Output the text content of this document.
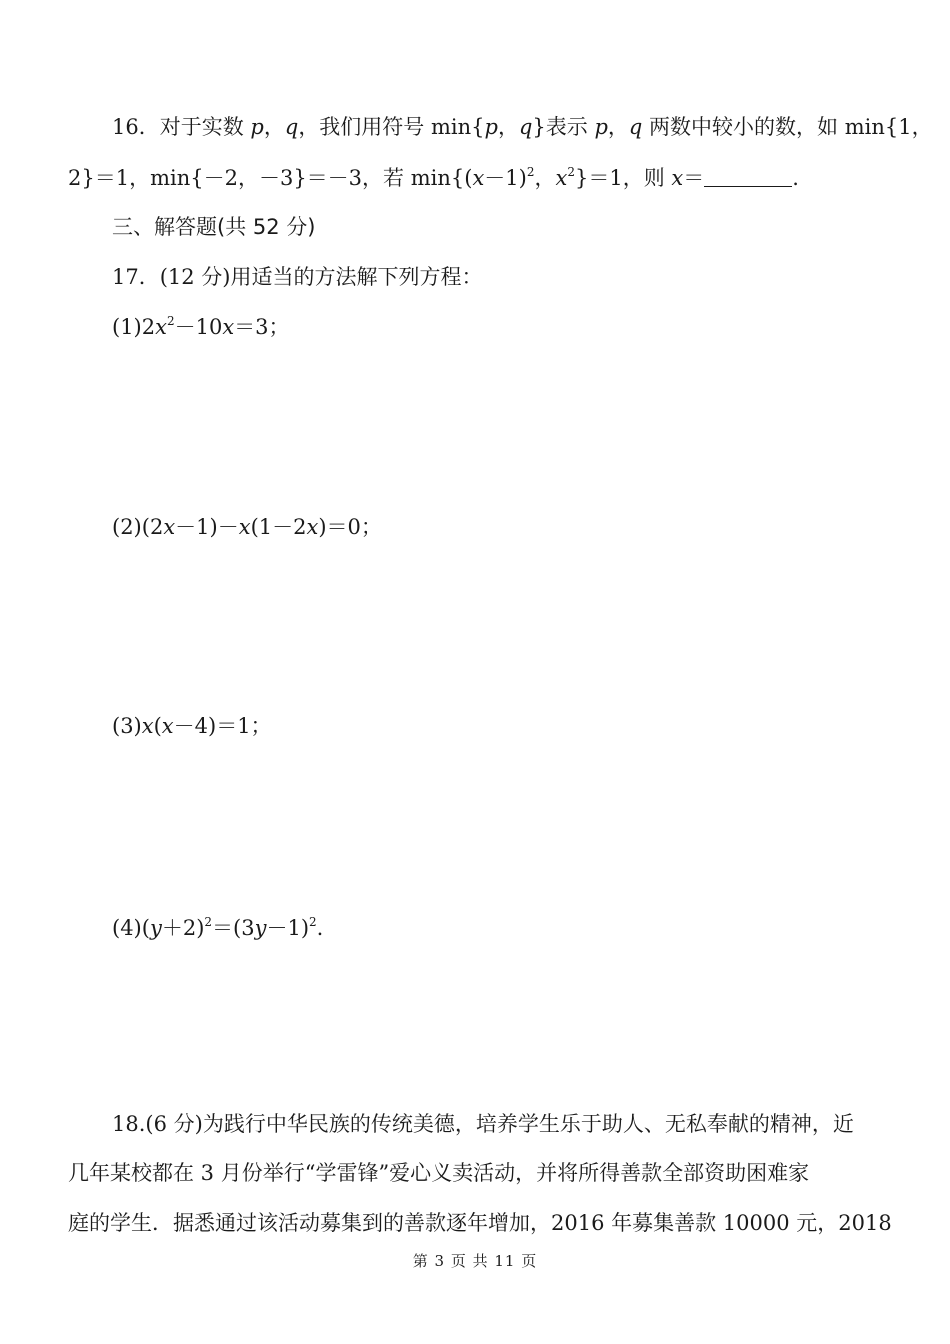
16．对于实数 p，q，我们用符号 min{p，q}表示 p，q 两数中较小的数，如 min{1，
2}＝1，min{－2，－3}＝－3，若 $\min\{(x-1)^2$，$x^2\}=1$，则 x＝	.
三、解答题(共 52 分)
17．(12 分)用适当的方法解下列方程：
$(1)2x^2-10x=3$；
(2)(2x－1)－x(1－2x)＝0；
(3)x(x－4)＝1；
$(4)(y+2)^2=(3y-1)^2$.
18.(6 分)为践行中华民族的传统美德，培养学生乐于助人、无私奉献的精神，近
几年某校都在 3 月份举行“学雷锋”爱心义卖活动，并将所得善款全部资助困难家
庭的学生．据悉通过该活动募集到的善款逐年增加，2016 年募集善款 10000 元，2018
第 3 页 共 11 页
